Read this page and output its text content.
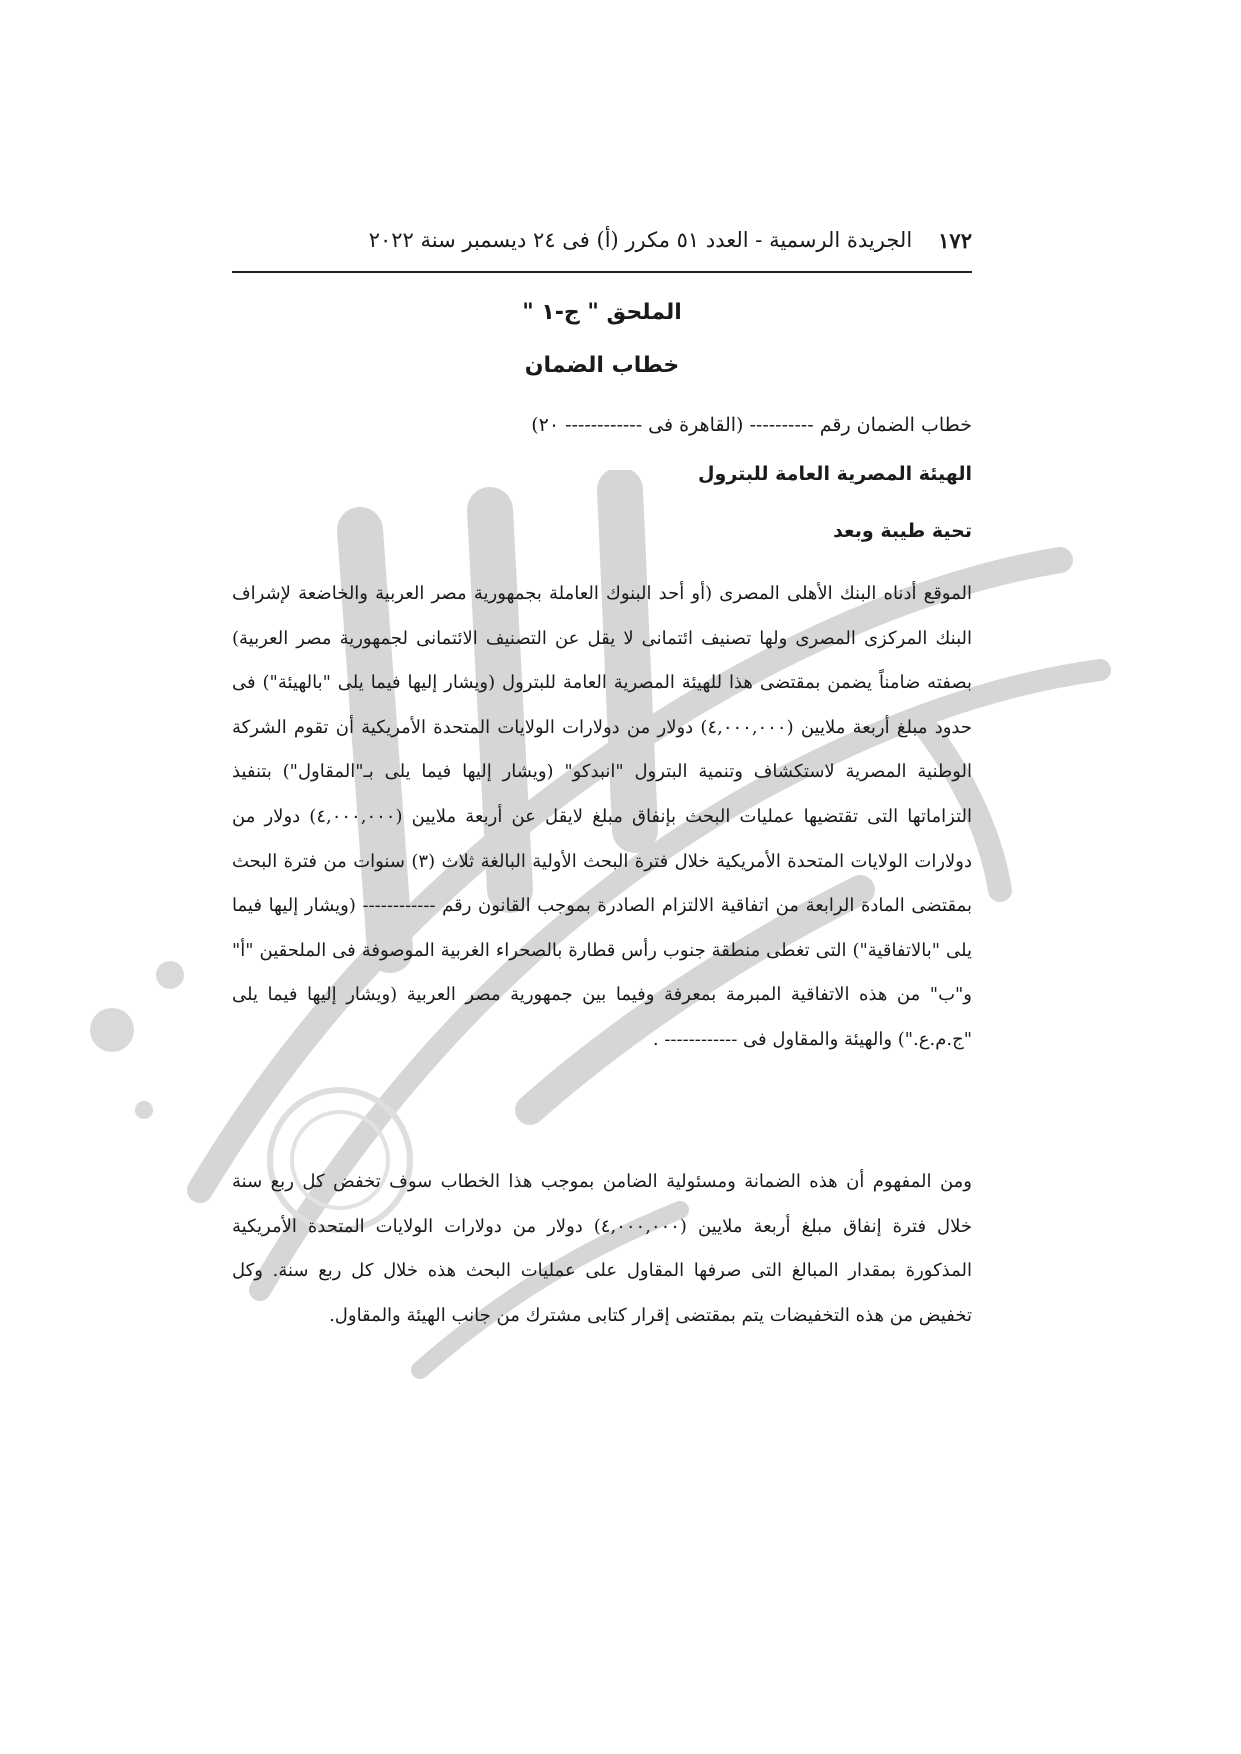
١٧٢
الجريدة الرسمية - العدد ٥١ مكرر (أ) فى ٢٤ ديسمبر سنة ٢٠٢٢
الملحق " ج-١ "
خطاب الضمان
خطاب الضمان رقم ---------- (القاهرة فى ------------ ٢٠)
الهيئة المصرية العامة للبترول
تحية طيبة وبعد

الموقع أدناه البنك الأهلى المصرى (أو أحد البنوك العاملة بجمهورية مصر العربية والخاضعة لإشراف البنك المركزى المصرى ولها تصنيف ائتمانى لا يقل عن التصنيف الائتمانى لجمهورية مصر العربية) بصفته ضامناً يضمن بمقتضى هذا للهيئة المصرية العامة للبترول (ويشار إليها فيما يلى "بالهيئة") فى حدود مبلغ أربعة ملايين (٤,٠٠٠,٠٠٠) دولار من دولارات الولايات المتحدة الأمريكية أن تقوم الشركة الوطنية المصرية لاستكشاف وتنمية البترول "انبدكو" (ويشار إليها فيما يلى بـ"المقاول") بتنفيذ التزاماتها التى تقتضيها عمليات البحث بإنفاق مبلغ لايقل عن أربعة ملايين (٤,٠٠٠,٠٠٠) دولار من دولارات الولايات المتحدة الأمريكية خلال فترة البحث الأولية البالغة ثلاث (٣) سنوات من فترة البحث بمقتضى المادة الرابعة من اتفاقية الالتزام الصادرة بموجب القانون رقم ------------ (ويشار إليها فيما يلى "بالاتفاقية") التى تغطى منطقة جنوب رأس قطارة بالصحراء الغربية الموصوفة فى الملحقين "أ" و"ب" من هذه الاتفاقية المبرمة بمعرفة وفيما بين جمهورية مصر العربية (ويشار إليها فيما يلى "ج.م.ع.") والهيئة والمقاول فى ------------ .

ومن المفهوم أن هذه الضمانة ومسئولية الضامن بموجب هذا الخطاب سوف تخفض كل ربع سنة خلال فترة إنفاق مبلغ أربعة ملايين (٤,٠٠٠,٠٠٠) دولار من دولارات الولايات المتحدة الأمريكية المذكورة بمقدار المبالغ التى صرفها المقاول على عمليات البحث هذه خلال كل ربع سنة. وكل تخفيض من هذه التخفيضات يتم بمقتضى إقرار كتابى مشترك من جانب الهيئة والمقاول.
